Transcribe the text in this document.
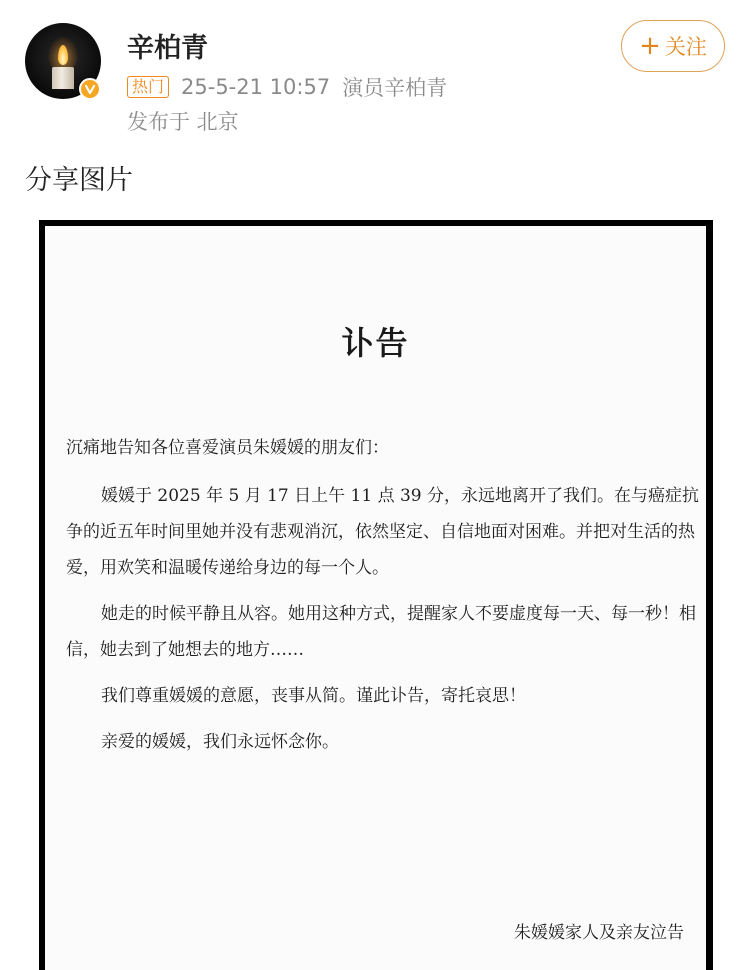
辛柏青
热门 25-5-21 10:57 演员辛柏青
发布于 北京
+ 关注
分享图片
讣告

沉痛地告知各位喜爱演员朱媛媛的朋友们：

媛媛于 2025 年 5 月 17 日上午 11 点 39 分，永远地离开了我们。在与癌症抗争的近五年时间里她并没有悲观消沉，依然坚定、自信地面对困难。并把对生活的热爱，用欢笑和温暖传递给身边的每一个人。

她走的时候平静且从容。她用这种方式，提醒家人不要虚度每一天、每一秒！相信，她去到了她想去的地方……

我们尊重媛媛的意愿，丧事从简。谨此讣告，寄托哀思！

亲爱的媛媛，我们永远怀念你。

朱媛媛家人及亲友泣告
